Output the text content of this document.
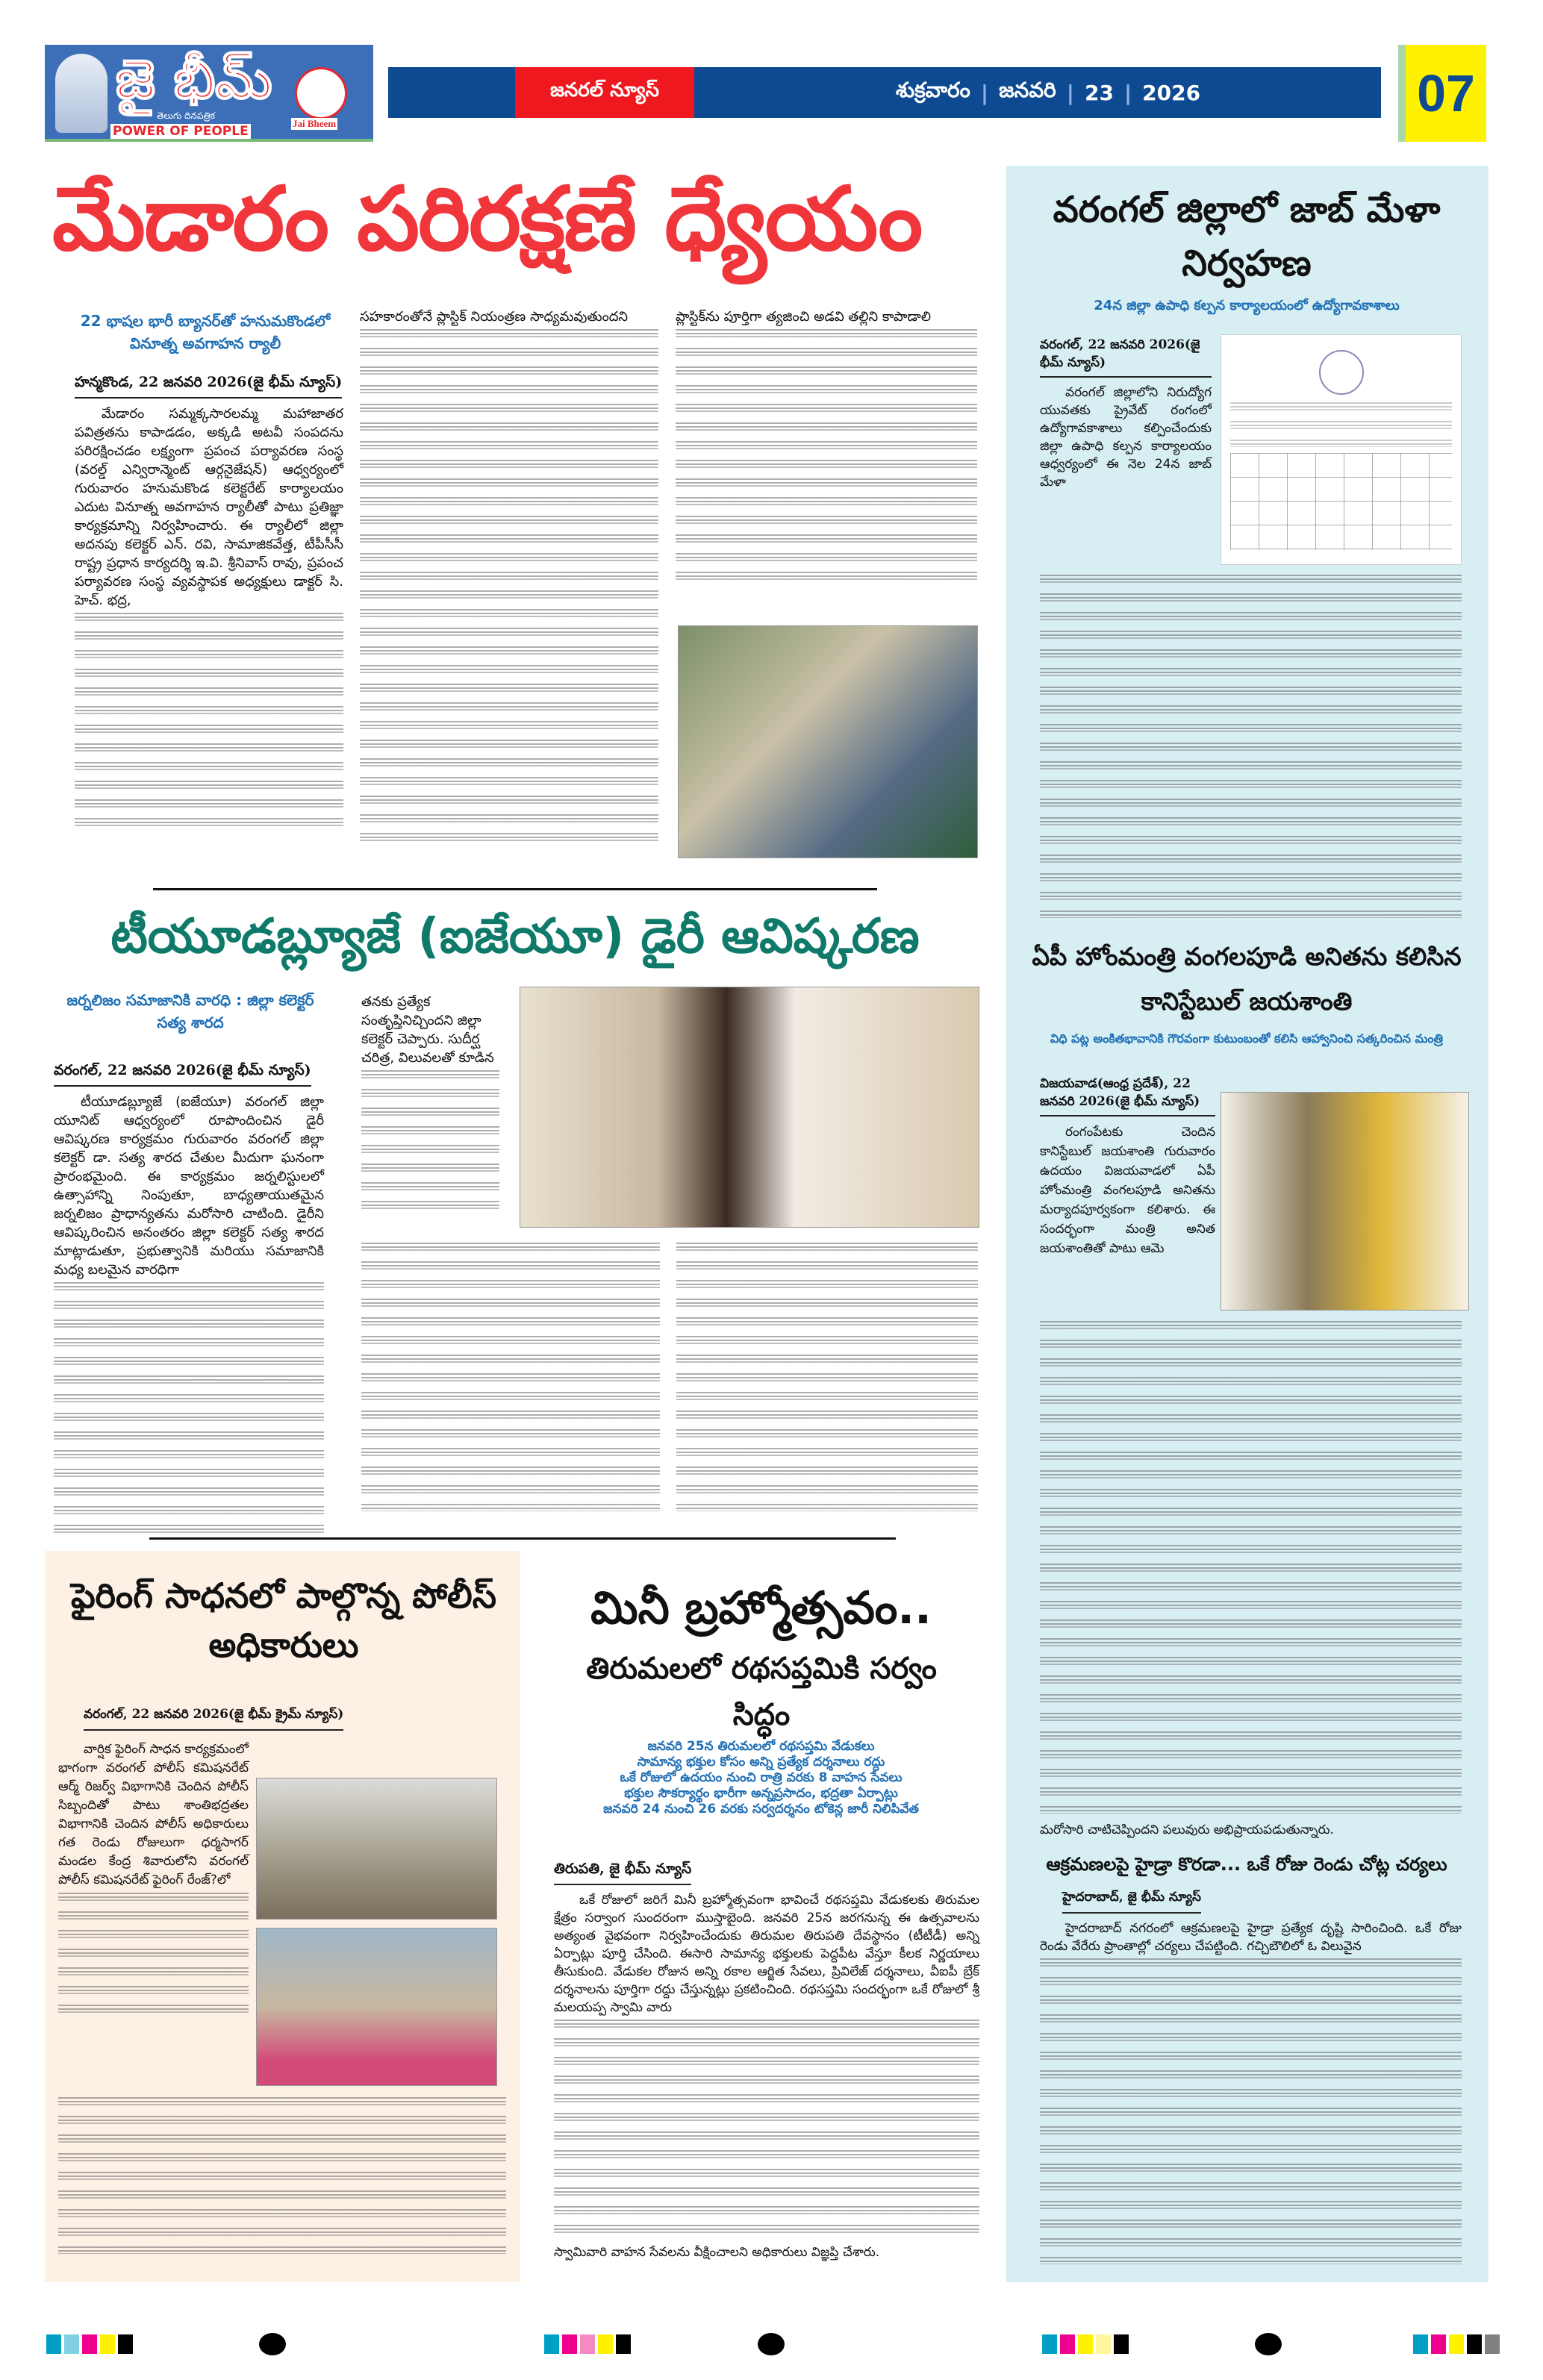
జై భీమ్
తెలుగు దినపత్రిక
POWER OF PEOPLE
Jai Bheem
జనరల్ న్యూస్	శుక్రవారం | జనవరి | 23 | 2026	07
మేడారం పరిరక్షణే ధ్యేయం
22 భాషల భారీ బ్యానర్‌తో హనుమకొండలో వినూత్న అవగాహన ర్యాలీ
హన్మకొండ, 22 జనవరి 2026(జై భీమ్ న్యూస్)
మేడారం సమ్మక్కసారలమ్మ మహాజాతర పవిత్రతను కాపాడడం, అక్కడి అటవీ సంపదను పరిరక్షించడం లక్ష్యంగా ప్రపంచ పర్యావరణ సంస్థ (వరల్డ్ ఎన్విరాన్మెంట్ ఆర్గనైజేషన్) ఆధ్వర్యంలో గురువారం హనుమకొండ కలెక్టరేట్ కార్యాలయం ఎదుట వినూత్న అవగాహన ర్యాలీతో పాటు ప్రతిజ్ఞా కార్యక్రమాన్ని నిర్వహించారు. ఈ ర్యాలీలో జిల్లా అదనపు కలెక్టర్ ఎన్. రవి, సామాజికవేత్త, టీపీసీసీ రాష్ట్ర ప్రధాన కార్యదర్శి ఇ.వి. శ్రీనివాస్ రావు, ప్రపంచ పర్యావరణ సంస్థ వ్యవస్థాపక అధ్యక్షులు డాక్టర్ సి. హెచ్. భద్ర,
సహకారంతోనే ప్లాస్టిక్ నియంత్రణ సాధ్యమవుతుందని	ప్లాస్టిక్‌ను పూర్తిగా త్యజించి అడవి తల్లిని కాపాడాలి
టీయూడబ్ల్యూజే (ఐజేయూ) డైరీ ఆవిష్కరణ
జర్నలిజం సమాజానికి వారధి : జిల్లా కలెక్టర్ సత్య శారద
వరంగల్, 22 జనవరి 2026(జై భీమ్ న్యూస్)
టీయూడబ్ల్యూజే (ఐజేయూ) వరంగల్ జిల్లా యూనిట్ ఆధ్వర్యంలో రూపొందించిన డైరీ ఆవిష్కరణ కార్యక్రమం గురువారం వరంగల్ జిల్లా కలెక్టర్ డా. సత్య శారద చేతుల మీదుగా ఘనంగా ప్రారంభమైంది. ఈ కార్యక్రమం జర్నలిస్టులలో ఉత్సాహాన్ని నింపుతూ, బాధ్యతాయుతమైన జర్నలిజం ప్రాధాన్యతను మరోసారి చాటింది. డైరీని ఆవిష్కరించిన అనంతరం జిల్లా కలెక్టర్ సత్య శారద మాట్లాడుతూ, ప్రభుత్వానికి మరియు సమాజానికి మధ్య బలమైన వారధిగా
తనకు ప్రత్యేక సంతృప్తినిచ్చిందని జిల్లా కలెక్టర్ చెప్పారు. సుదీర్ఘ చరిత్ర, విలువలతో కూడిన
ఫైరింగ్ సాధనలో పాల్గొన్న పోలీస్ అధికారులు
వరంగల్, 22 జనవరి 2026(జై భీమ్ క్రైమ్ న్యూస్)
వార్షిక ఫైరింగ్ సాధన కార్యక్రమంలో భాగంగా వరంగల్ పోలీస్ కమిషనరేట్ ఆర్మ్ రిజర్వ్ విభాగానికి చెందిన పోలీస్ సిబ్బందితో పాటు శాంతిభద్రతల విభాగానికి చెందిన పోలీస్ అధికారులు గత రెండు రోజులుగా ధర్మసాగర్ మండల కేంద్ర శివారులోని వరంగల్ పోలీస్ కమిషనరేట్ ఫైరింగ్ రేంజ్?లో
మినీ బ్రహ్మోత్సవం..
తిరుమలలో రథసప్తమికి సర్వం సిద్ధం
జనవరి 25న తిరుమలలో రథసప్తమి వేడుకలు
సామాన్య భక్తుల కోసం అన్ని ప్రత్యేక దర్శనాలు రద్దు
ఒకే రోజులో ఉదయం నుంచి రాత్రి వరకు 8 వాహన సేవలు
భక్తుల సౌకర్యార్థం భారీగా అన్నప్రసాదం, భద్రతా ఏర్పాట్లు
జనవరి 24 నుంచి 26 వరకు సర్వదర్శనం టోకెన్ల జారీ నిలిపివేత
తిరుపతి, జై భీమ్ న్యూస్
ఒకే రోజులో జరిగే మినీ బ్రహ్మోత్సవంగా భావించే రథసప్తమి వేడుకలకు తిరుమల క్షేత్రం సర్వాంగ సుందరంగా ముస్తాబైంది. జనవరి 25న జరగనున్న ఈ ఉత్సవాలను అత్యంత వైభవంగా నిర్వహించేందుకు తిరుమల తిరుపతి దేవస్థానం (టీటీడీ) అన్ని ఏర్పాట్లు పూర్తి చేసింది. ఈసారి సామాన్య భక్తులకు పెద్దపీట వేస్తూ కీలక నిర్ణయాలు తీసుకుంది. వేడుకల రోజున అన్ని రకాల ఆర్జిత సేవలు, ప్రివిలేజ్ దర్శనాలు, వీఐపీ బ్రేక్ దర్శనాలను పూర్తిగా రద్దు చేస్తున్నట్లు ప్రకటించింది. రథసప్తమి సందర్భంగా ఒకే రోజులో శ్రీ మలయప్ప స్వామి వారు
స్వామివారి వాహన సేవలను వీక్షించాలని అధికారులు విజ్ఞప్తి చేశారు.
వరంగల్ జిల్లాలో జాబ్ మేళా నిర్వహణ
24న జిల్లా ఉపాధి కల్పన కార్యాలయంలో ఉద్యోగావకాశాలు
వరంగల్, 22 జనవరి 2026(జై భీమ్ న్యూస్)
వరంగల్ జిల్లాలోని నిరుద్యోగ యువతకు ప్రైవేట్ రంగంలో ఉద్యోగావకాశాలు కల్పించేందుకు జిల్లా ఉపాధి కల్పన కార్యాలయం ఆధ్వర్యంలో ఈ నెల 24న జాబ్ మేళా
ఏపీ హోంమంత్రి వంగలపూడి అనితను కలిసిన కానిస్టేబుల్ జయశాంతి
విధి పట్ల అంకితభావానికి గౌరవంగా కుటుంబంతో కలిసి ఆహ్వానించి సత్కరించిన మంత్రి
విజయవాడ(ఆంధ్ర ప్రదేశ్), 22 జనవరి 2026(జై భీమ్ న్యూస్)
రంగంపేటకు చెందిన కానిస్టేబుల్ జయశాంతి గురువారం ఉదయం విజయవాడలో ఏపీ హోంమంత్రి వంగలపూడి అనితను మర్యాదపూర్వకంగా కలిశారు. ఈ సందర్భంగా మంత్రి అనిత జయశాంతితో పాటు ఆమె
మరోసారి చాటిచెప్పిందని పలువురు అభిప్రాయపడుతున్నారు.
ఆక్రమణలపై హైడ్రా కొరడా... ఒకే రోజు రెండు చోట్ల చర్యలు
హైదరాబాద్, జై భీమ్ న్యూస్
హైదరాబాద్ నగరంలో ఆక్రమణలపై హైడ్రా ప్రత్యేక దృష్టి సారించింది. ఒకే రోజు రెండు వేరేరు ప్రాంతాల్లో చర్యలు చేపట్టింది. గచ్చిబౌలిలో ఓ విలువైన
